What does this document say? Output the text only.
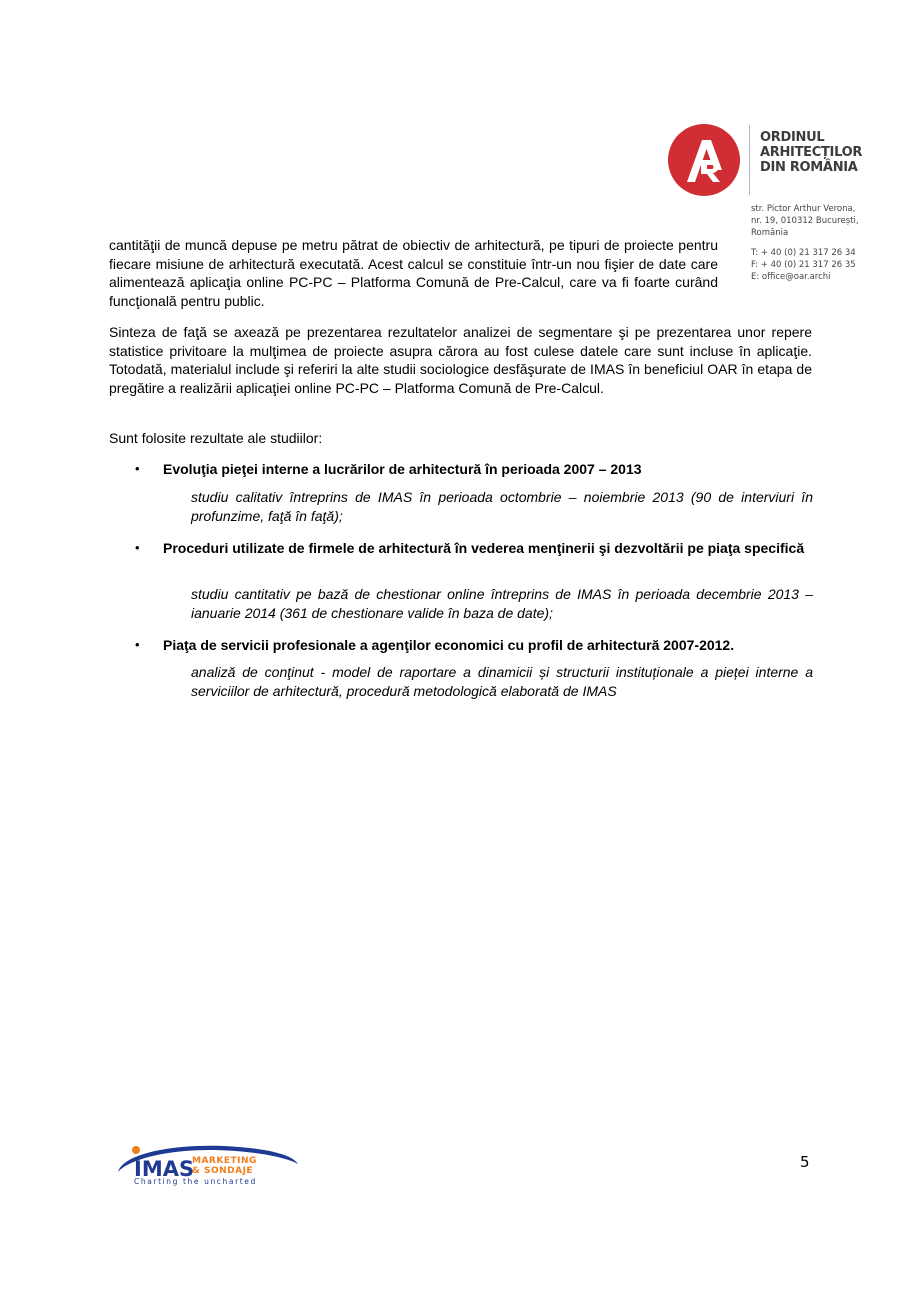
ORDINUL
ARHITECȚILOR
DIN ROMÂNIA
str. Pictor Arthur Verona,
nr. 19, 010312 București,
România
T: + 40 (0) 21 317 26 34
F: + 40 (0) 21 317 26 35
E: office@oar.archi
cantităţii de muncă depuse pe metru pătrat de obiectiv de arhitectură, pe tipuri de proiecte pentru fiecare misiune de arhitectură executată. Acest calcul se constituie într-un nou fişier de date care alimentează aplicaţia online PC-PC – Platforma Comună de Pre-Calcul, care va fi foarte curând funcţională pentru public.
Sinteza de faţă se axează pe prezentarea rezultatelor analizei de segmentare şi pe prezentarea unor repere statistice privitoare la mulţimea de proiecte asupra cărora au fost culese datele care sunt incluse în aplicaţie. Totodată, materialul include şi referiri la alte studii sociologice desfăşurate de IMAS în beneficiul OAR în etapa de pregătire a realizării aplicaţiei online PC-PC – Platforma Comună de Pre-Calcul.
Sunt folosite rezultate ale studiilor:
• Evoluţia pieţei interne a lucrărilor de arhitectură în perioada 2007 – 2013
studiu calitativ întreprins de IMAS în perioada octombrie – noiembrie 2013 (90 de interviuri în profunzime, faţă în faţă);
• Proceduri utilizate de firmele de arhitectură în vederea menţinerii şi dezvoltării pe piaţa specifică
studiu cantitativ pe bază de chestionar online întreprins de IMAS în perioada decembrie 2013 – ianuarie 2014 (361 de chestionare valide în baza de date);
• Piaţa de servicii profesionale a agenţilor economici cu profil de arhitectură 2007-2012.
analiză de conţinut - model de raportare a dinamicii și structurii instituționale a pieței interne a serviciilor de arhitectură, procedură metodologică elaborată de IMAS
IMAS
MARKETING
& SONDAJE
Charting the uncharted
5
